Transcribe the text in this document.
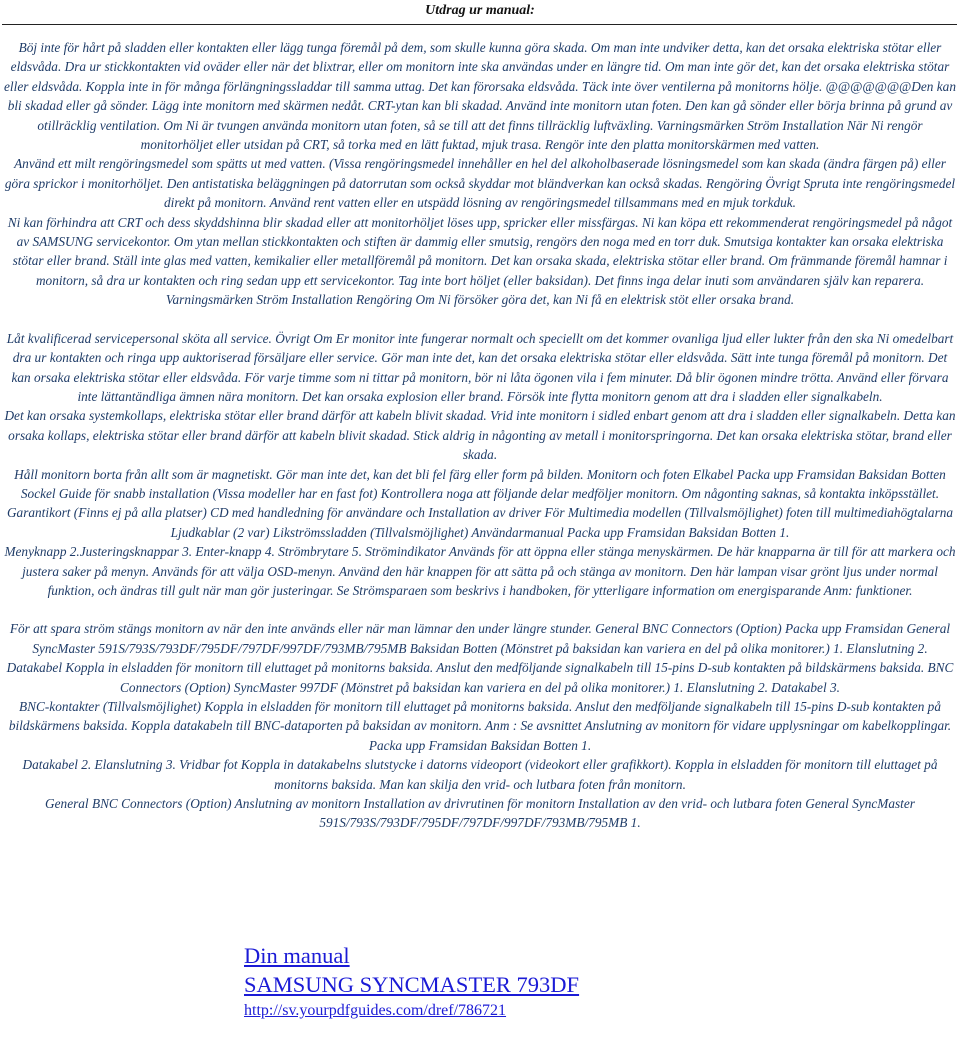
Utdrag ur manual:

Böj inte för hårt på sladden eller kontakten eller lägg tunga föremål på dem, som skulle kunna göra skada. Om man inte undviker detta, kan det orsaka elektriska stötar eller eldsvåda. Dra ur stickkontakten vid oväder eller när det blixtrar, eller om monitorn inte ska användas under en längre tid. Om man inte gör det, kan det orsaka elektriska stötar eller eldsvåda. Koppla inte in för många förlängningssladdar till samma uttag. Det kan förorsaka eldsvåda. Täck inte över ventilerna på monitorns hölje. @@@@@@@Den kan bli skadad eller gå sönder. Lägg inte monitorn med skärmen nedåt. CRT-ytan kan bli skadad. Använd inte monitorn utan foten. Den kan gå sönder eller börja brinna på grund av otillräcklig ventilation. Om Ni är tvungen använda monitorn utan foten, så se till att det finns tillräcklig luftväxling. Varningsmärken Ström Installation När Ni rengör monitorhöljet eller utsidan på CRT, så torka med en lätt fuktad, mjuk trasa. Rengör inte den platta monitorskärmen med vatten.

Använd ett milt rengöringsmedel som spätts ut med vatten. (Vissa rengöringsmedel innehåller en hel del alkoholbaserade lösningsmedel som kan skada (ändra färgen på) eller göra sprickor i monitorhöljet. Den antistatiska beläggningen på datorrutan som också skyddar mot bländverkan kan också skadas. Rengöring Övrigt Spruta inte rengöringsmedel direkt på monitorn. Använd rent vatten eller en utspädd lösning av rengöringsmedel tillsammans med en mjuk torkduk.

Ni kan förhindra att CRT och dess skyddshinna blir skadad eller att monitorhöljet löses upp, spricker eller missfärgas. Ni kan köpa ett rekommenderat rengöringsmedel på något av SAMSUNG servicekontor. Om ytan mellan stickkontakten och stiften är dammig eller smutsig, rengörs den noga med en torr duk. Smutsiga kontakter kan orsaka elektriska stötar eller brand. Ställ inte glas med vatten, kemikalier eller metallföremål på monitorn. Det kan orsaka skada, elektriska stötar eller brand. Om främmande föremål hamnar i monitorn, så dra ur kontakten och ring sedan upp ett servicekontor. Tag inte bort höljet (eller baksidan). Det finns inga delar inuti som användaren själv kan reparera. Varningsmärken Ström Installation Rengöring Om Ni försöker göra det, kan Ni få en elektrisk stöt eller orsaka brand.

Låt kvalificerad servicepersonal sköta all service. Övrigt Om Er monitor inte fungerar normalt och speciellt om det kommer ovanliga ljud eller lukter från den ska Ni omedelbart dra ur kontakten och ringa upp auktoriserad försäljare eller service. Gör man inte det, kan det orsaka elektriska stötar eller eldsvåda. Sätt inte tunga föremål på monitorn. Det kan orsaka elektriska stötar eller eldsvåda. För varje timme som ni tittar på monitorn, bör ni låta ögonen vila i fem minuter. Då blir ögonen mindre trötta. Använd eller förvara inte lättantändliga ämnen nära monitorn. Det kan orsaka explosion eller brand. Försök inte flytta monitorn genom att dra i sladden eller signalkabeln.

Det kan orsaka systemkollaps, elektriska stötar eller brand därför att kabeln blivit skadad. Vrid inte monitorn i sidled enbart genom att dra i sladden eller signalkabeln. Detta kan orsaka kollaps, elektriska stötar eller brand därför att kabeln blivit skadad. Stick aldrig in någonting av metall i monitorspringorna. Det kan orsaka elektriska stötar, brand eller skada.

Håll monitorn borta från allt som är magnetiskt. Gör man inte det, kan det bli fel färg eller form på bilden. Monitorn och foten Elkabel Packa upp Framsidan Baksidan Botten Sockel Guide för snabb installation (Vissa modeller har en fast fot) Kontrollera noga att följande delar medföljer monitorn. Om någonting saknas, så kontakta inköpsstället. Garantikort (Finns ej på alla platser) CD med handledning för användare och Installation av driver För Multimedia modellen (Tillvalsmöjlighet) foten till multimediahögtalarna Ljudkablar (2 var) Likströmssladden (Tillvalsmöjlighet) Användarmanual Packa upp Framsidan Baksidan Botten 1.

Menyknapp 2.Justeringsknappar 3. Enter-knapp 4. Strömbrytare 5. Strömindikator Används för att öppna eller stänga menyskärmen. De här knapparna är till för att markera och justera saker på menyn. Används för att välja OSD-menyn. Använd den här knappen för att sätta på och stänga av monitorn. Den här lampan visar grönt ljus under normal funktion, och ändras till gult när man gör justeringar. Se Strömsparaen som beskrivs i handboken, för ytterligare information om energisparande Anm: funktioner.

För att spara ström stängs monitorn av när den inte används eller när man lämnar den under längre stunder. General BNC Connectors (Option) Packa upp Framsidan General SyncMaster 591S/793S/793DF/795DF/797DF/997DF/793MB/795MB Baksidan Botten (Mönstret på baksidan kan variera en del på olika monitorer.) 1. Elanslutning 2. Datakabel Koppla in elsladden för monitorn till eluttaget på monitorns baksida. Anslut den medföljande signalkabeln till 15-pins D-sub kontakten på bildskärmens baksida. BNC Connectors (Option) SyncMaster 997DF (Mönstret på baksidan kan variera en del på olika monitorer.) 1. Elanslutning 2. Datakabel 3.

BNC-kontakter (Tillvalsmöjlighet) Koppla in elsladden för monitorn till eluttaget på monitorns baksida. Anslut den medföljande signalkabeln till 15-pins D-sub kontakten på bildskärmens baksida. Koppla datakabeln till BNC-dataporten på baksidan av monitorn. Anm : Se avsnittet Anslutning av monitorn för vidare upplysningar om kabelkopplingar. Packa upp Framsidan Baksidan Botten 1.

Datakabel 2. Elanslutning 3. Vridbar fot Koppla in datakabelns slutstycke i datorns videoport (videokort eller grafikkort). Koppla in elsladden för monitorn till eluttaget på monitorns baksida. Man kan skilja den vrid- och lutbara foten från monitorn.

General BNC Connectors (Option) Anslutning av monitorn Installation av drivrutinen för monitorn Installation av den vrid- och lutbara foten General SyncMaster 591S/793S/793DF/795DF/797DF/997DF/793MB/795MB 1.

Din manual
SAMSUNG SYNCMASTER 793DF
http://sv.yourpdfguides.com/dref/786721
